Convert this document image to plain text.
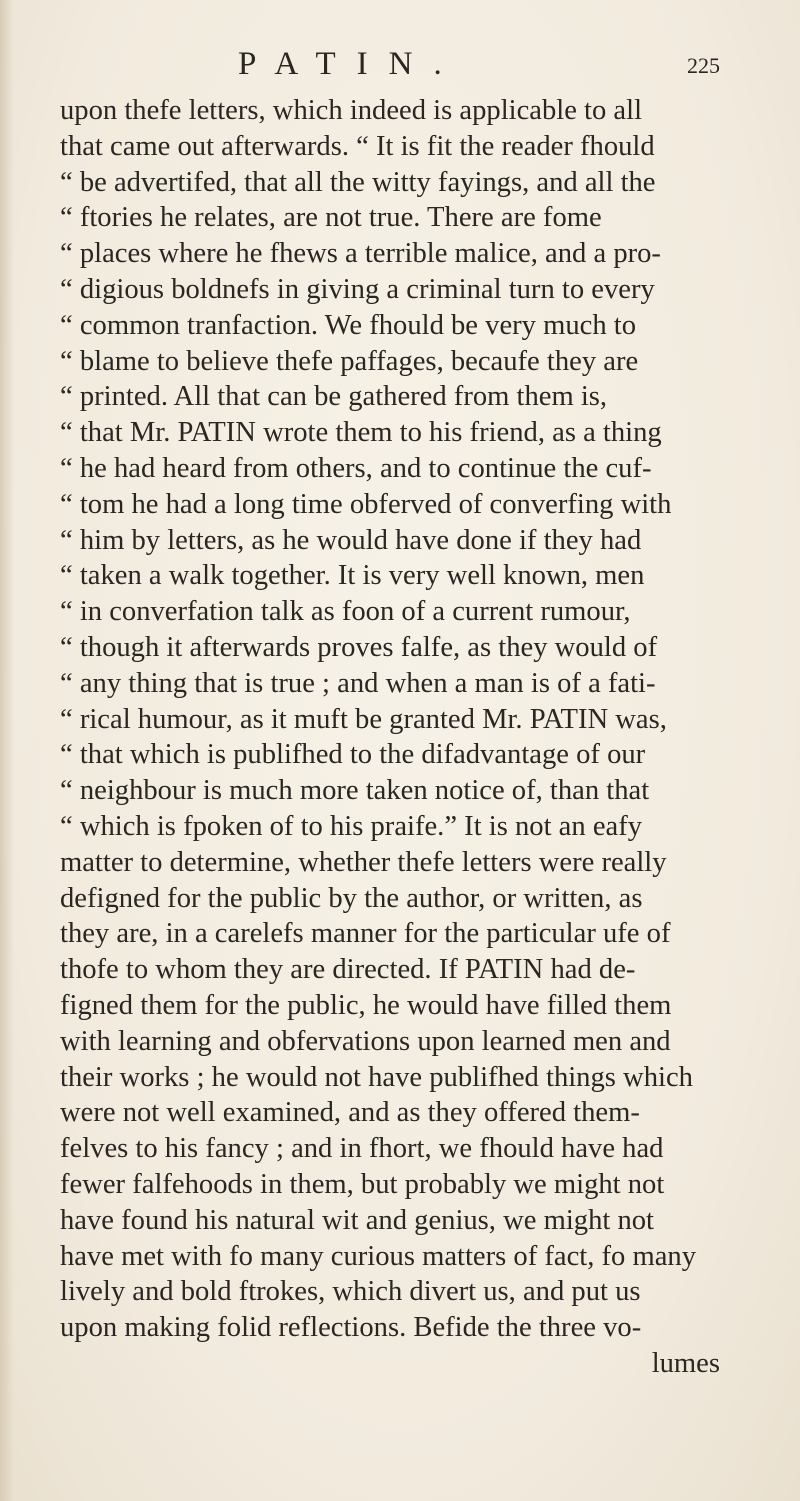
PATIN.	225
upon thefe letters, which indeed is applicable to all
that came out afterwards. “ It is fit the reader fhould
“ be advertifed, that all the witty fayings, and all the
“ ftories he relates, are not true. There are fome
“ places where he fhews a terrible malice, and a pro-
“ digious boldnefs in giving a criminal turn to every
“ common tranfaction. We fhould be very much to
“ blame to believe thefe paffages, becaufe they are
“ printed. All that can be gathered from them is,
“ that Mr. PATIN wrote them to his friend, as a thing
“ he had heard from others, and to continue the cuf-
“ tom he had a long time obferved of converfing with
“ him by letters, as he would have done if they had
“ taken a walk together. It is very well known, men
“ in converfation talk as foon of a current rumour,
“ though it afterwards proves falfe, as they would of
“ any thing that is true ; and when a man is of a fati-
“ rical humour, as it muft be granted Mr. PATIN was,
“ that which is publifhed to the difadvantage of our
“ neighbour is much more taken notice of, than that
“ which is fpoken of to his praife.” It is not an eafy
matter to determine, whether thefe letters were really
defigned for the public by the author, or written, as
they are, in a carelefs manner for the particular ufe of
thofe to whom they are directed. If PATIN had de-
figned them for the public, he would have filled them
with learning and obfervations upon learned men and
their works ; he would not have publifhed things which
were not well examined, and as they offered them-
felves to his fancy ; and in fhort, we fhould have had
fewer falfehoods in them, but probably we might not
have found his natural wit and genius, we might not
have met with fo many curious matters of fact, fo many
lively and bold ftrokes, which divert us, and put us
upon making folid reflections. Befide the three vo-
lumes
